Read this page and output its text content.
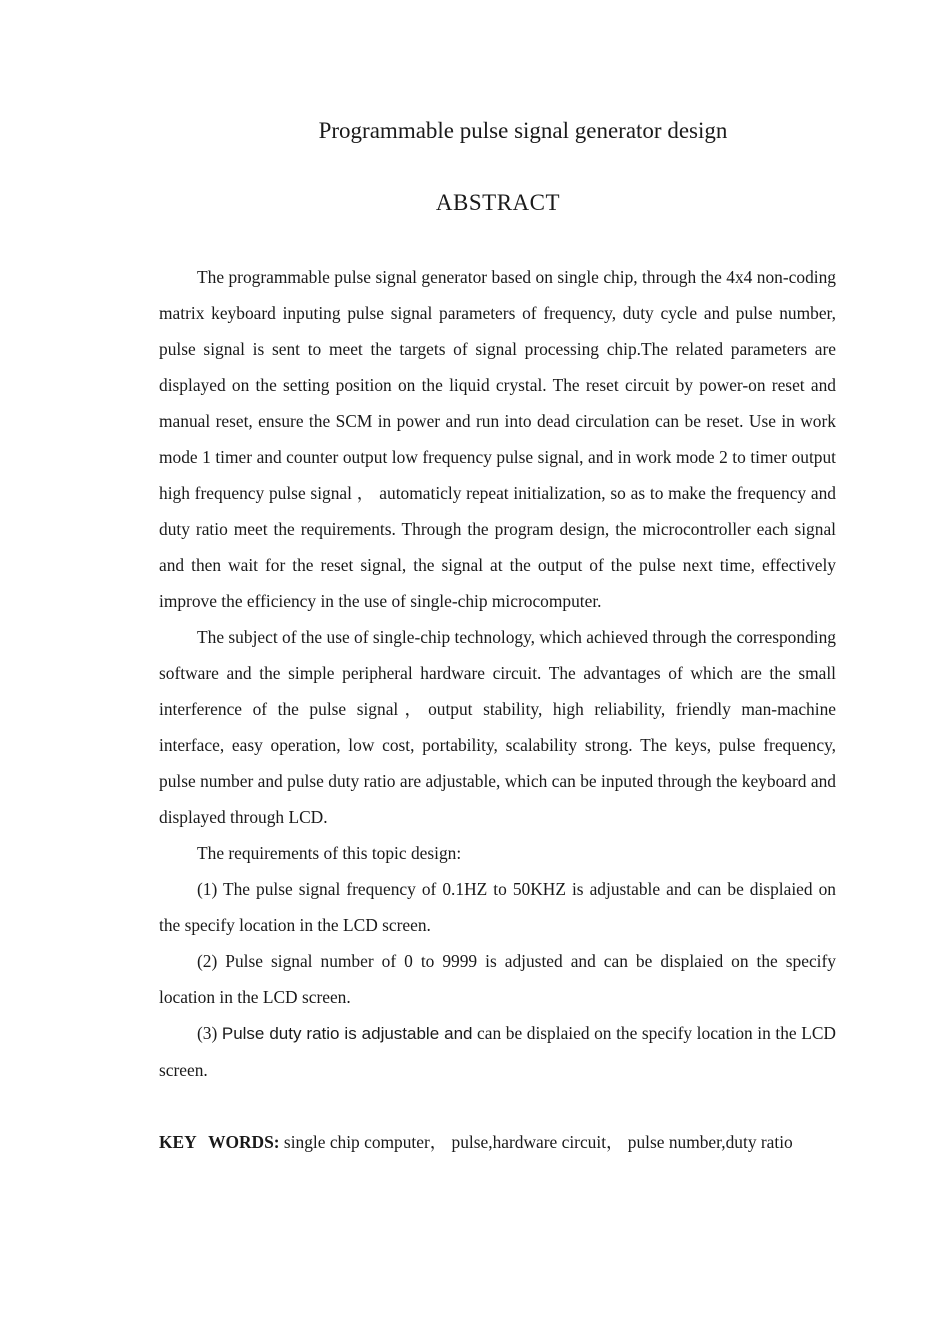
Programmable pulse signal generator design
ABSTRACT

The programmable pulse signal generator based on single chip, through the 4x4 non-coding matrix keyboard inputing pulse signal parameters of frequency, duty cycle and pulse number, pulse signal is sent to meet the targets of signal processing chip.The related parameters are displayed on the setting position on the liquid crystal. The reset circuit by power-on reset and manual reset, ensure the SCM in power and run into dead circulation can be reset. Use in work mode 1 timer and counter output low frequency pulse signal, and in work mode 2 to timer output high frequency pulse signal ， automaticly repeat initialization, so as to make the frequency and duty ratio meet the requirements. Through the program design, the microcontroller each signal and then wait for the reset signal, the signal at the output of the pulse next time, effectively improve the efficiency in the use of single-chip microcomputer.

The subject of the use of single-chip technology, which achieved through the corresponding software and the simple peripheral hardware circuit. The advantages of which are the small interference of the pulse signal，output stability, high reliability, friendly man-machine interface, easy operation, low cost, portability, scalability strong. The keys, pulse frequency, pulse number and pulse duty ratio are adjustable, which can be inputed through the keyboard and displayed through LCD.

The requirements of this topic design:

(1) The pulse signal frequency of 0.1HZ to 50KHZ is adjustable and can be displaied on the specify location in the LCD screen.

(2) Pulse signal number of 0 to 9999 is adjusted and can be displaied on the specify location in the LCD screen.

(3) Pulse duty ratio is adjustable and can be displaied on the specify location in the LCD screen.

KEY WORDS: single chip computer， pulse,hardware circuit， pulse number,duty ratio
